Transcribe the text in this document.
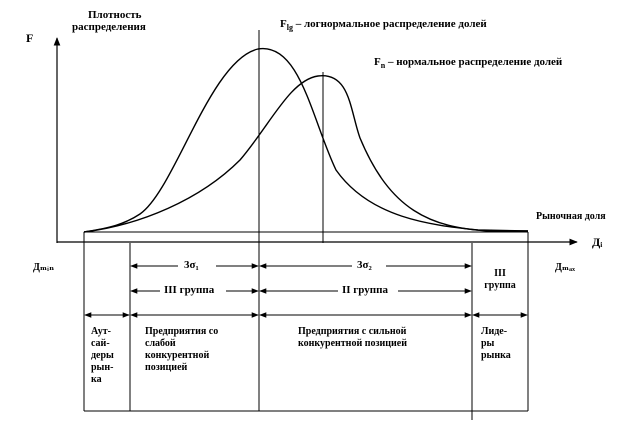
F
Плотность
распределения
Рыночная доля
Дᵢ
Дₘᵢₙ	Дₘₐₓ
$F_{lg}$ – логнормальное распределение долей
$F_n$ – нормальное распределение долей
3σ₁	3σ₂
III группа	II группа
III
группа
Аут-
сай-
деры
рын-
ка
Предприятия со
слабой
конкурентной
позицией
Предприятия с сильной
конкурентной позицией
Лиде-
ры
рынка
